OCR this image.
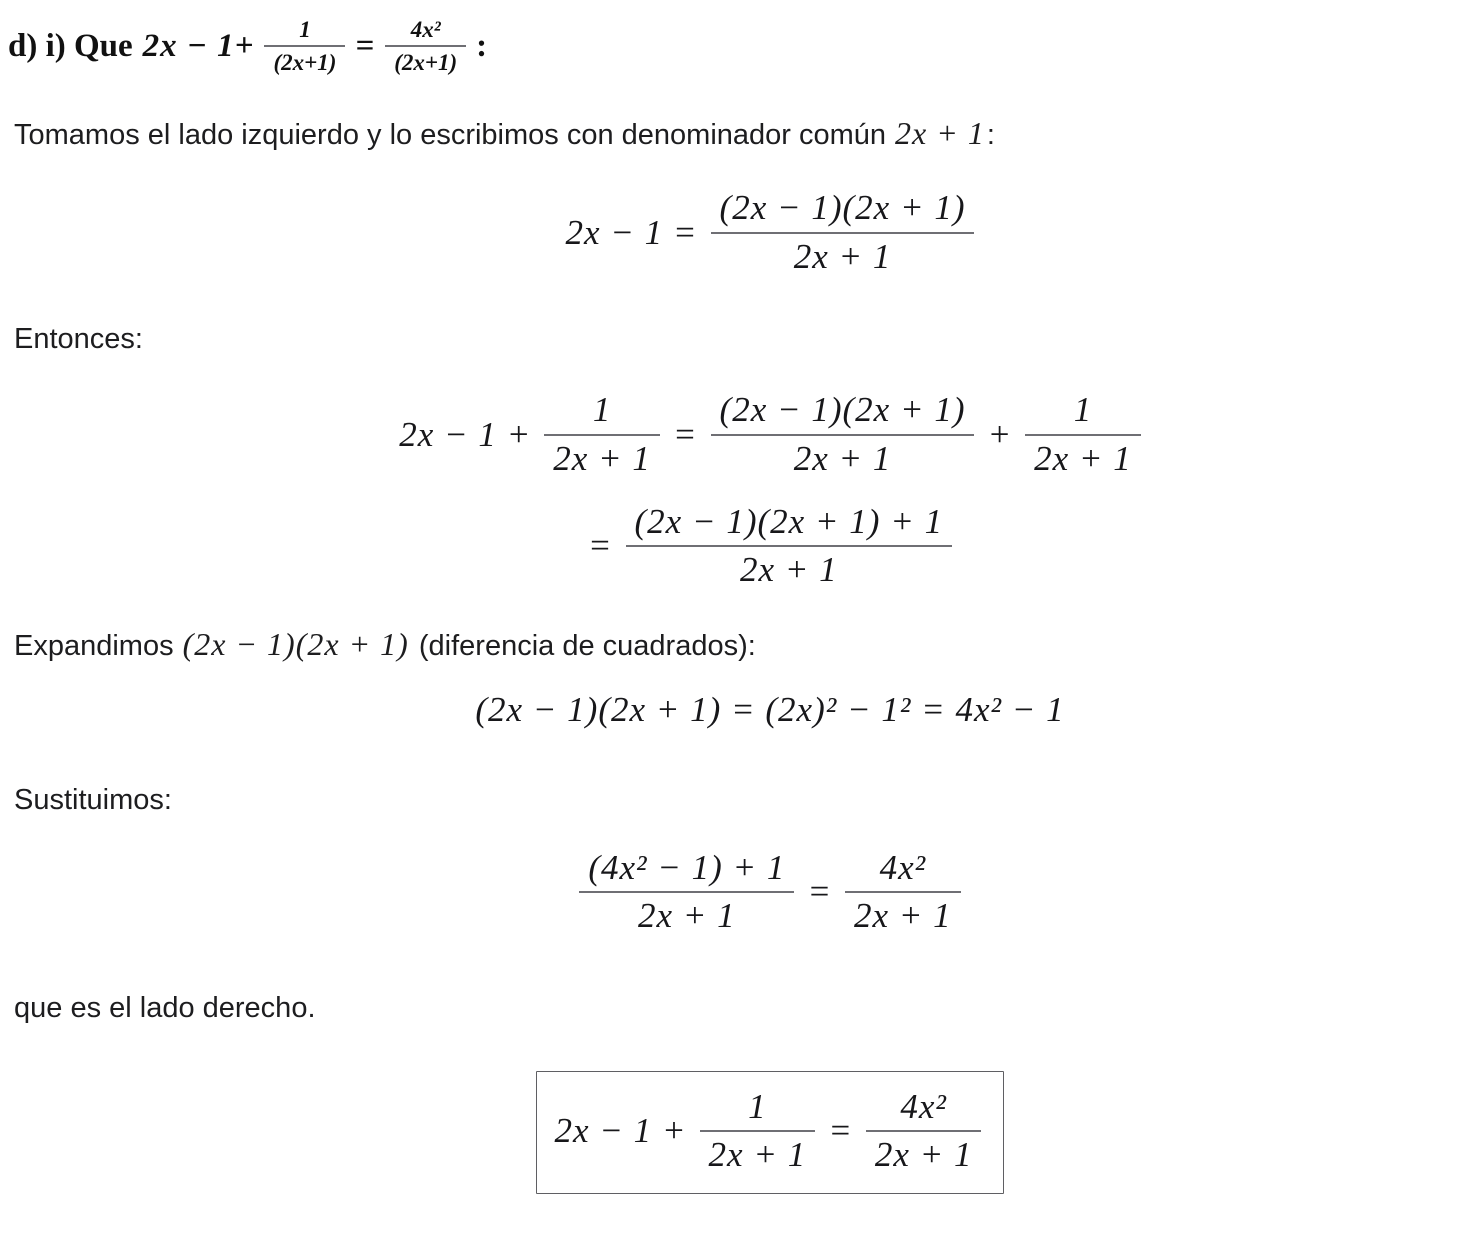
d) i) Que $2x - 1+ \frac{1}{(2x+1)} = \frac{\text{4x²}}{(2x+1)}$ :

Tomamos el lado izquierdo y lo escribimos con denominador común 2x + 1:

$2x - 1 = \frac{(2x - 1)(2x + 1)}{2x + 1}$

Entonces:

$2x - 1 + \frac{1}{2x + 1} = \frac{(2x - 1)(2x + 1)}{2x + 1} + \frac{1}{2x + 1}$
= $\frac{(2x - 1)(2x + 1) + 1}{2x + 1}$

Expandimos (2x − 1)(2x + 1) (diferencia de cuadrados):

(2x − 1)(2x + 1) = (2x)² − 1² = 4x² − 1

Sustituimos:

$\frac{\text{(4x² − 1) + 1}}{2x + 1} = \frac{\text{4x²}}{2x + 1}$

que es el lado derecho.

$2x - 1 + \frac{1}{2x + 1} = \frac{\text{4x²}}{2x + 1}$
